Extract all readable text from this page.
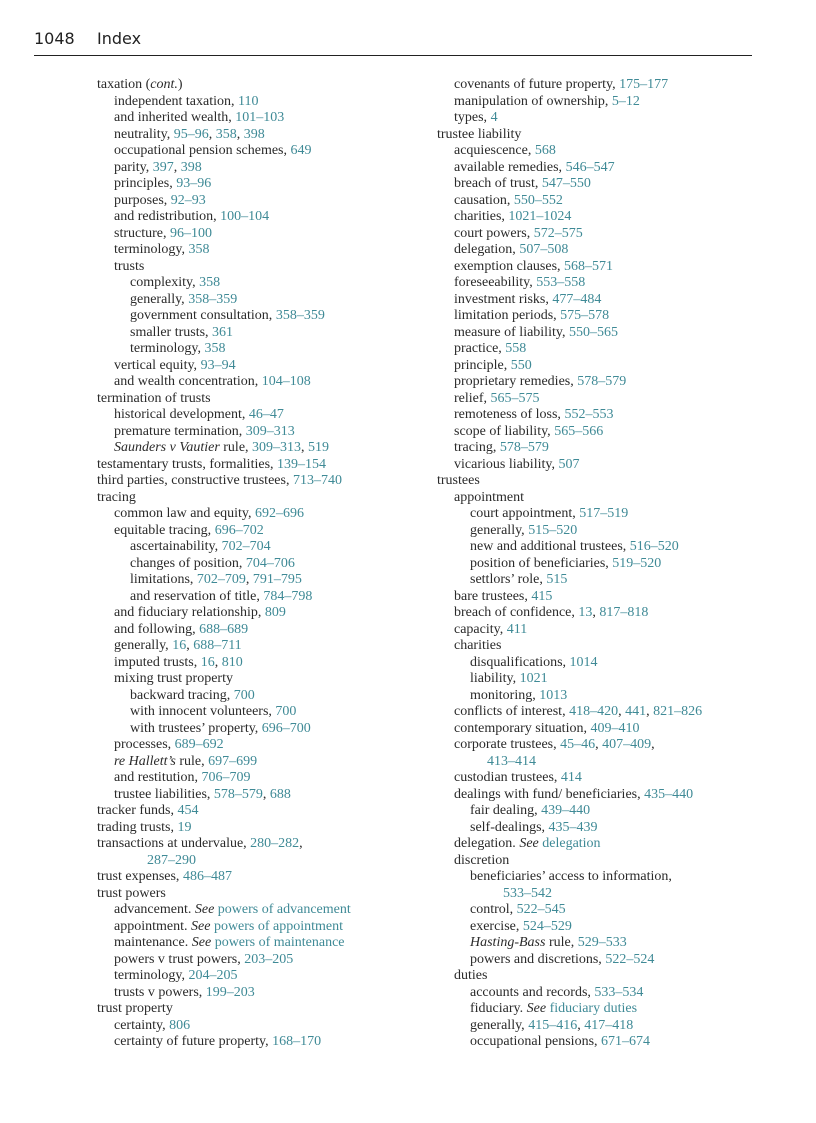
1048 Index
taxation (cont.)
independent taxation, 110
and inherited wealth, 101–103
neutrality, 95–96, 358, 398
occupational pension schemes, 649
parity, 397, 398
principles, 93–96
purposes, 92–93
and redistribution, 100–104
structure, 96–100
terminology, 358
trusts
complexity, 358
generally, 358–359
government consultation, 358–359
smaller trusts, 361
terminology, 358
vertical equity, 93–94
and wealth concentration, 104–108
termination of trusts
historical development, 46–47
premature termination, 309–313
Saunders v Vautier rule, 309–313, 519
testamentary trusts, formalities, 139–154
third parties, constructive trustees, 713–740
tracing
common law and equity, 692–696
equitable tracing, 696–702
ascertainability, 702–704
changes of position, 704–706
limitations, 702–709, 791–795
and reservation of title, 784–798
and fiduciary relationship, 809
and following, 688–689
generally, 16, 688–711
imputed trusts, 16, 810
mixing trust property
backward tracing, 700
with innocent volunteers, 700
with trustees’ property, 696–700
processes, 689–692
re Hallett’s rule, 697–699
and restitution, 706–709
trustee liabilities, 578–579, 688
tracker funds, 454
trading trusts, 19
transactions at undervalue, 280–282,
287–290
trust expenses, 486–487
trust powers
advancement. See powers of advancement
appointment. See powers of appointment
maintenance. See powers of maintenance
powers v trust powers, 203–205
terminology, 204–205
trusts v powers, 199–203
trust property
certainty, 806
certainty of future property, 168–170
covenants of future property, 175–177
manipulation of ownership, 5–12
types, 4
trustee liability
acquiescence, 568
available remedies, 546–547
breach of trust, 547–550
causation, 550–552
charities, 1021–1024
court powers, 572–575
delegation, 507–508
exemption clauses, 568–571
foreseeability, 553–558
investment risks, 477–484
limitation periods, 575–578
measure of liability, 550–565
practice, 558
principle, 550
proprietary remedies, 578–579
relief, 565–575
remoteness of loss, 552–553
scope of liability, 565–566
tracing, 578–579
vicarious liability, 507
trustees
appointment
court appointment, 517–519
generally, 515–520
new and additional trustees, 516–520
position of beneficiaries, 519–520
settlors’ role, 515
bare trustees, 415
breach of confidence, 13, 817–818
capacity, 411
charities
disqualifications, 1014
liability, 1021
monitoring, 1013
conflicts of interest, 418–420, 441, 821–826
contemporary situation, 409–410
corporate trustees, 45–46, 407–409,
413–414
custodian trustees, 414
dealings with fund/ beneficiaries, 435–440
fair dealing, 439–440
self-dealings, 435–439
delegation. See delegation
discretion
beneficiaries’ access to information,
533–542
control, 522–545
exercise, 524–529
Hasting-Bass rule, 529–533
powers and discretions, 522–524
duties
accounts and records, 533–534
fiduciary. See fiduciary duties
generally, 415–416, 417–418
occupational pensions, 671–674
